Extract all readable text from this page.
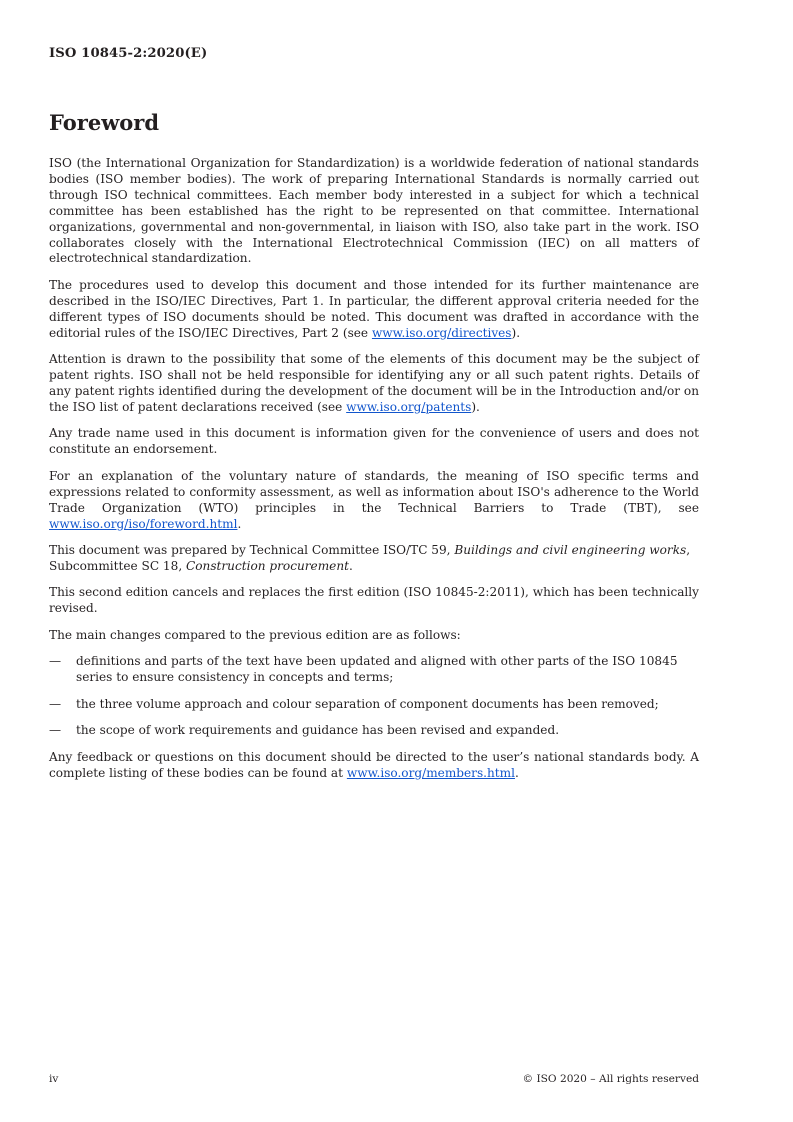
ISO 10845-2:2020(E)
Foreword

ISO (the International Organization for Standardization) is a worldwide federation of national standards bodies (ISO member bodies). The work of preparing International Standards is normally carried out through ISO technical committees. Each member body interested in a subject for which a technical committee has been established has the right to be represented on that committee. International organizations, governmental and non-governmental, in liaison with ISO, also take part in the work. ISO collaborates closely with the International Electrotechnical Commission (IEC) on all matters of electrotechnical standardization.

The procedures used to develop this document and those intended for its further maintenance are described in the ISO/IEC Directives, Part 1. In particular, the different approval criteria needed for the different types of ISO documents should be noted. This document was drafted in accordance with the editorial rules of the ISO/IEC Directives, Part 2 (see www.iso.org/directives).

Attention is drawn to the possibility that some of the elements of this document may be the subject of patent rights. ISO shall not be held responsible for identifying any or all such patent rights. Details of any patent rights identified during the development of the document will be in the Introduction and/or on the ISO list of patent declarations received (see www.iso.org/patents).

Any trade name used in this document is information given for the convenience of users and does not constitute an endorsement.

For an explanation of the voluntary nature of standards, the meaning of ISO specific terms and expressions related to conformity assessment, as well as information about ISO's adherence to the World Trade Organization (WTO) principles in the Technical Barriers to Trade (TBT), see www.iso.org/iso/foreword.html.

This document was prepared by Technical Committee ISO/TC 59, Buildings and civil engineering works, Subcommittee SC 18, Construction procurement.

This second edition cancels and replaces the first edition (ISO 10845-2:2011), which has been technically revised.

The main changes compared to the previous edition are as follows:

— definitions and parts of the text have been updated and aligned with other parts of the ISO 10845 series to ensure consistency in concepts and terms;
— the three volume approach and colour separation of component documents has been removed;
— the scope of work requirements and guidance has been revised and expanded.

Any feedback or questions on this document should be directed to the user’s national standards body. A complete listing of these bodies can be found at www.iso.org/members.html.

iv	© ISO 2020 – All rights reserved
